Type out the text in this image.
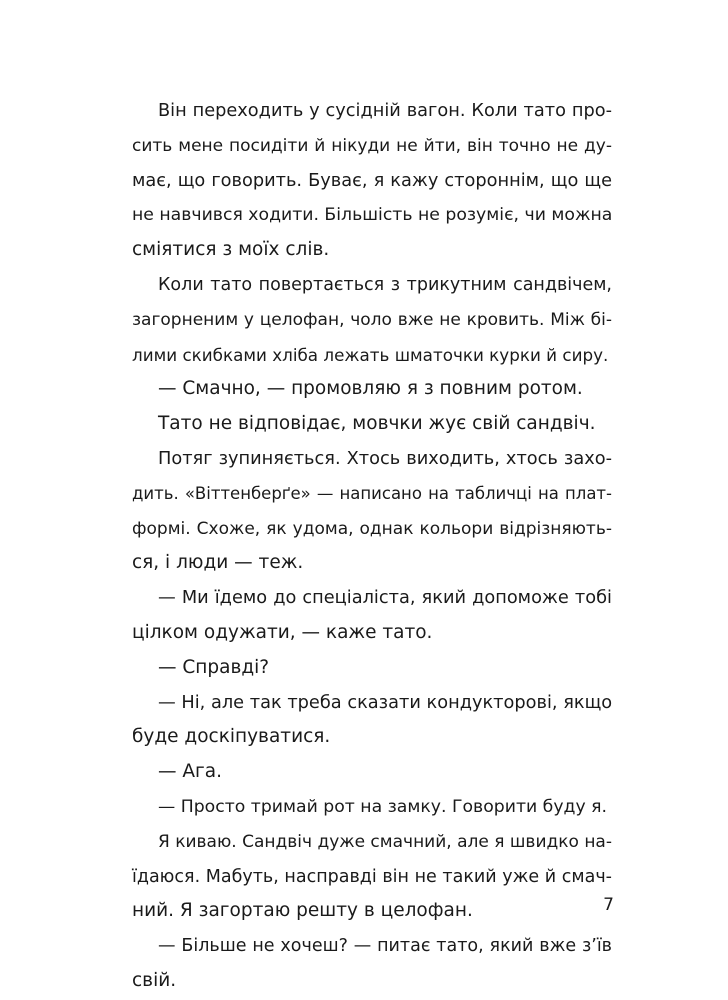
Він переходить у сусідній вагон. Коли тато про-
сить мене посидіти й нікуди не йти, він точно не ду-
має, що говорить. Буває, я кажу стороннім, що ще
не навчився ходити. Більшість не розуміє, чи можна
сміятися з моїх слів.
Коли тато повертається з трикутним сандвічем,
загорненим у целофан, чоло вже не кровить. Між бі-
лими скибками хліба лежать шматочки курки й сиру.
— Смачно, — промовляю я з повним ротом.
Тато не відповідає, мовчки жує свій сандвіч.
Потяг зупиняється. Хтось виходить, хтось захо-
дить. «Віттенберґе» — написано на табличці на плат-
формі. Схоже, як удома, однак кольори відрізняють-
ся, і люди — теж.
— Ми їдемо до спеціаліста, який допоможе тобі
цілком одужати, — каже тато.
— Справді?
— Ні, але так треба сказати кондукторові, якщо
буде доскіпуватися.
— Ага.
— Просто тримай рот на замку. Говорити буду я.
Я киваю. Сандвіч дуже смачний, але я швидко на-
їдаюся. Мабуть, насправді він не такий уже й смач-
ний. Я загортаю решту в целофан.
— Більше не хочеш? — питає тато, який вже з’їв
свій.
7
